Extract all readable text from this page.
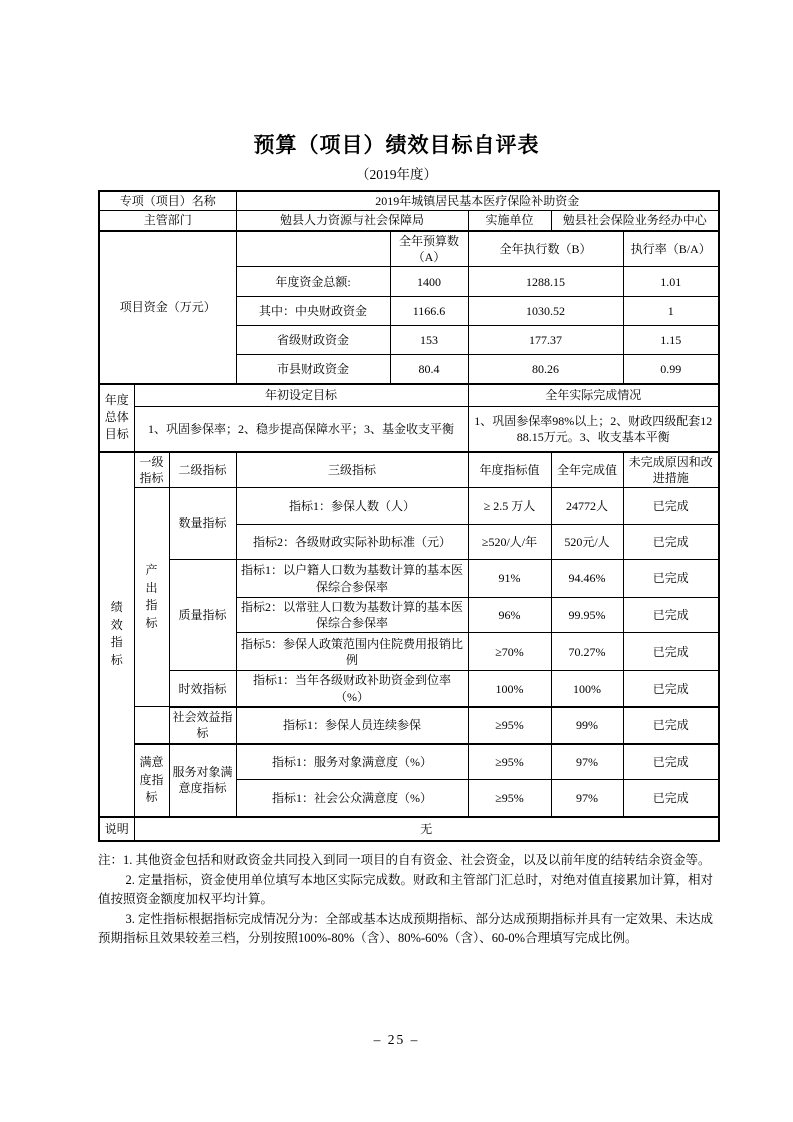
预算（项目）绩效目标自评表
（2019年度）
专项（项目）名称			2019年城镇居民基本医疗保险补助资金				
主管部门			勉县人力资源与社会保障局		实施单位	勉县社会保险业务经办中心	
项目资金（万元）				全年预算数（A）	全年执行数（B）		执行率（B/A）
			年度资金总额:	1400	1288.15		1.01
			其中：中央财政资金	1166.6	1030.52		1
			省级财政资金	153	177.37		1.15
			市县财政资金	80.4	80.26		0.99
年度总体目标	年初设定目标				全年实际完成情况		
	1、巩固参保率；2、稳步提高保障水平；3、基金收支平衡				1、巩固参保率98%以上；2、财政四级配套1288.15万元。3、收支基本平衡		
绩效指标	一级指标	二级指标	三级指标		年度指标值	全年完成值	未完成原因和改进措施
	产出指标	数量指标	指标1：参保人数（人）		≥ 2.5 万人	24772人	已完成
			指标2：各级财政实际补助标准（元）		≥520/人/年	520元/人	已完成
		质量指标	指标1：以户籍人口数为基数计算的基本医保综合参保率		91%	94.46%	已完成
			指标2：以常驻人口数为基数计算的基本医保综合参保率		96%	99.95%	已完成
			指标5：参保人政策范围内住院费用报销比例		≥70%	70.27%	已完成
		时效指标	指标1：当年各级财政补助资金到位率（%）		100%	100%	已完成
		社会效益指标	指标1：参保人员连续参保		≥95%	99%	已完成
	满意度指标	服务对象满意度指标	指标1：服务对象满意度（%）		≥95%	97%	已完成
			指标1：社会公众满意度（%）		≥95%	97%	已完成
说明	无						

注：1. 其他资金包括和财政资金共同投入到同一项目的自有资金、社会资金，以及以前年度的结转结余资金等。

2. 定量指标，资金使用单位填写本地区实际完成数。财政和主管部门汇总时，对绝对值直接累加计算，相对值按照资金额度加权平均计算。

3. 定性指标根据指标完成情况分为：全部或基本达成预期指标、部分达成预期指标并具有一定效果、未达成预期指标且效果较差三档，分别按照100%-80%（含）、80%-60%（含）、60-0%合理填写完成比例。

– 25 –
